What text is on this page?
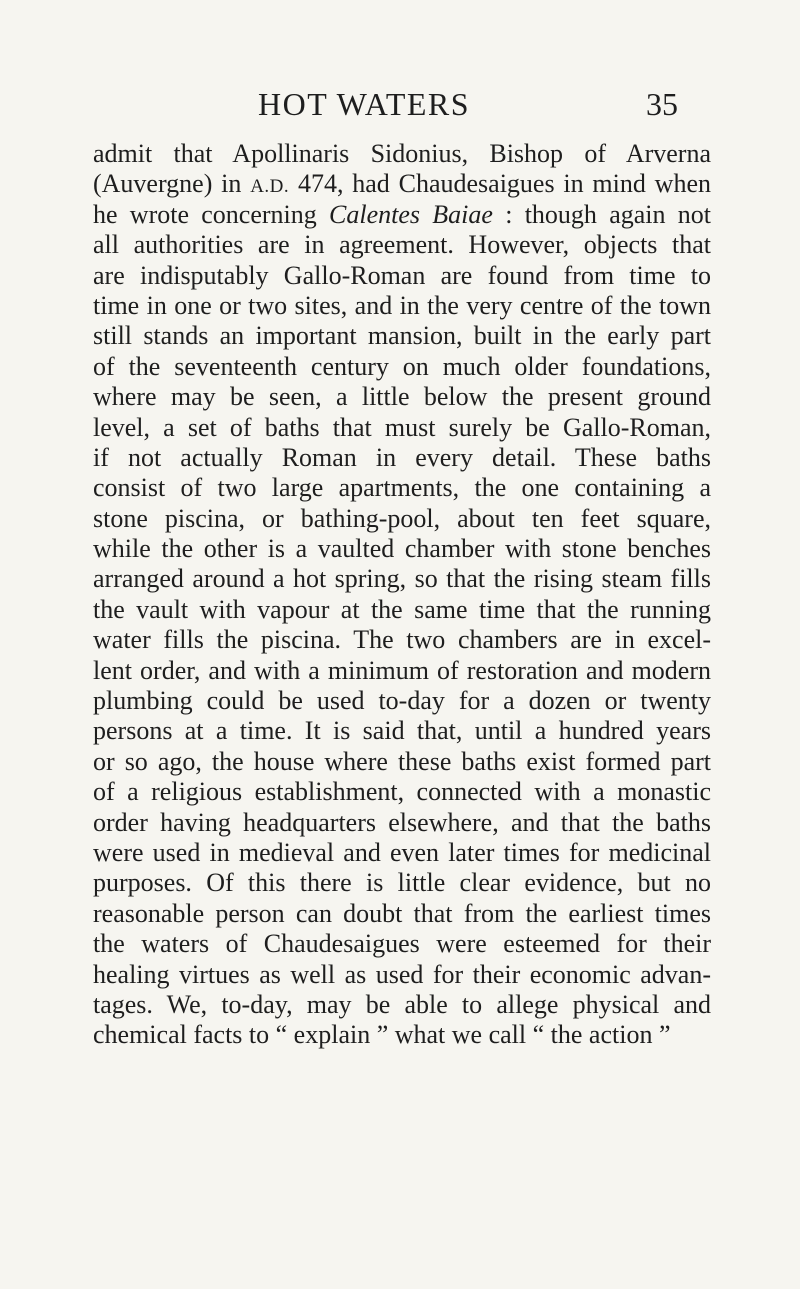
HOT WATERS	35
admit that Apollinaris Sidonius, Bishop of Arverna
(Auvergne) in A.D. 474, had Chaudesaigues in mind when
he wrote concerning Calentes Baiae : though again not
all authorities are in agreement. However, objects that
are indisputably Gallo-Roman are found from time to
time in one or two sites, and in the very centre of the town
still stands an important mansion, built in the early part
of the seventeenth century on much older foundations,
where may be seen, a little below the present ground
level, a set of baths that must surely be Gallo-Roman,
if not actually Roman in every detail. These baths
consist of two large apartments, the one containing a
stone piscina, or bathing-pool, about ten feet square,
while the other is a vaulted chamber with stone benches
arranged around a hot spring, so that the rising steam fills
the vault with vapour at the same time that the running
water fills the piscina. The two chambers are in excel-
lent order, and with a minimum of restoration and modern
plumbing could be used to-day for a dozen or twenty
persons at a time. It is said that, until a hundred years
or so ago, the house where these baths exist formed part
of a religious establishment, connected with a monastic
order having headquarters elsewhere, and that the baths
were used in medieval and even later times for medicinal
purposes. Of this there is little clear evidence, but no
reasonable person can doubt that from the earliest times
the waters of Chaudesaigues were esteemed for their
healing virtues as well as used for their economic advan-
tages. We, to-day, may be able to allege physical and
chemical facts to “ explain ” what we call “ the action ”
